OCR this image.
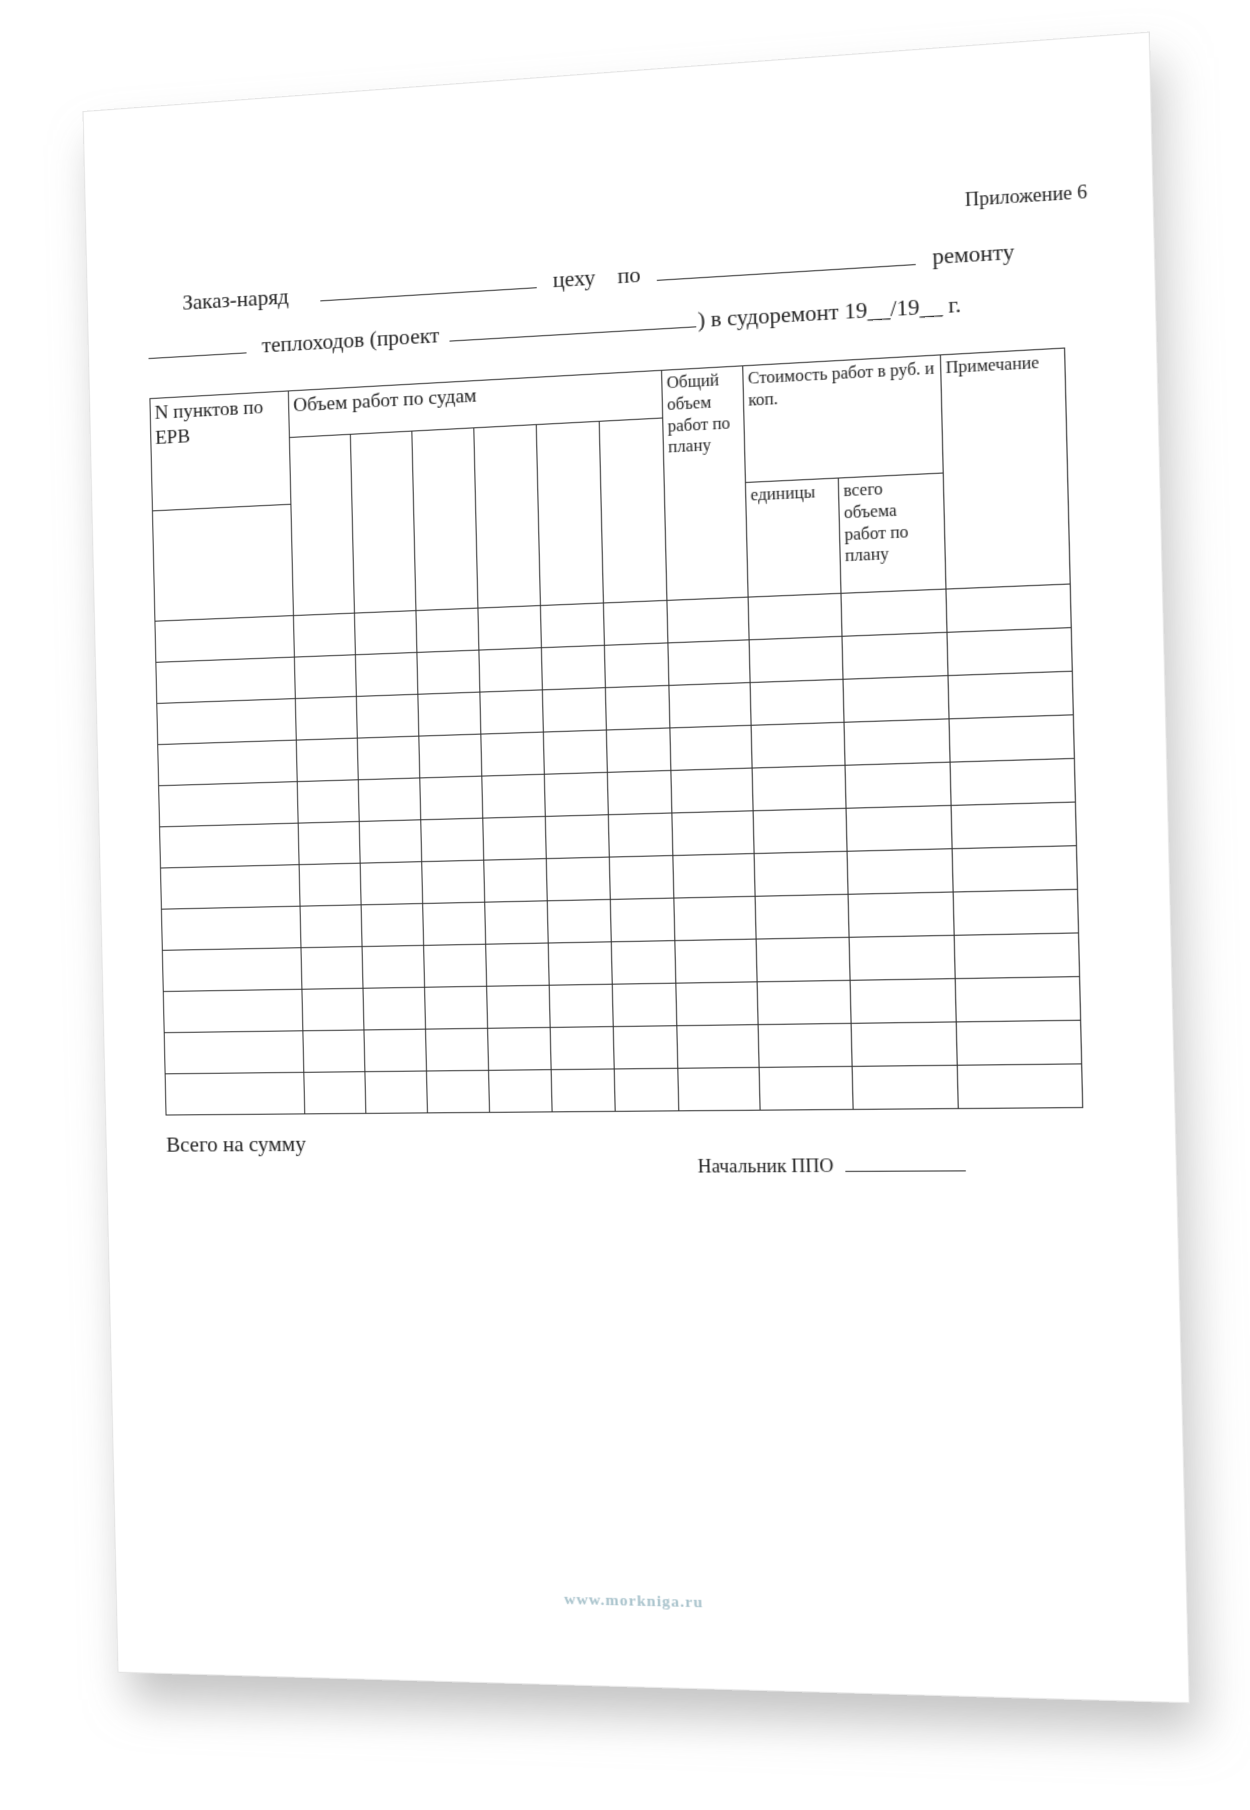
Приложение 6
Заказ-наряд  цеху по  ремонту
теплоходов (проект ) в судоремонт 19__/19__ г.
N пунктов по ЕРВ	Объем работ по судам						Общий объем работ по плану	Стоимость работ в руб. и коп.		Примечание

								единицы	всего объема работ по плану	

Всего на сумму
Начальник ППО
www.morkniga.ru
